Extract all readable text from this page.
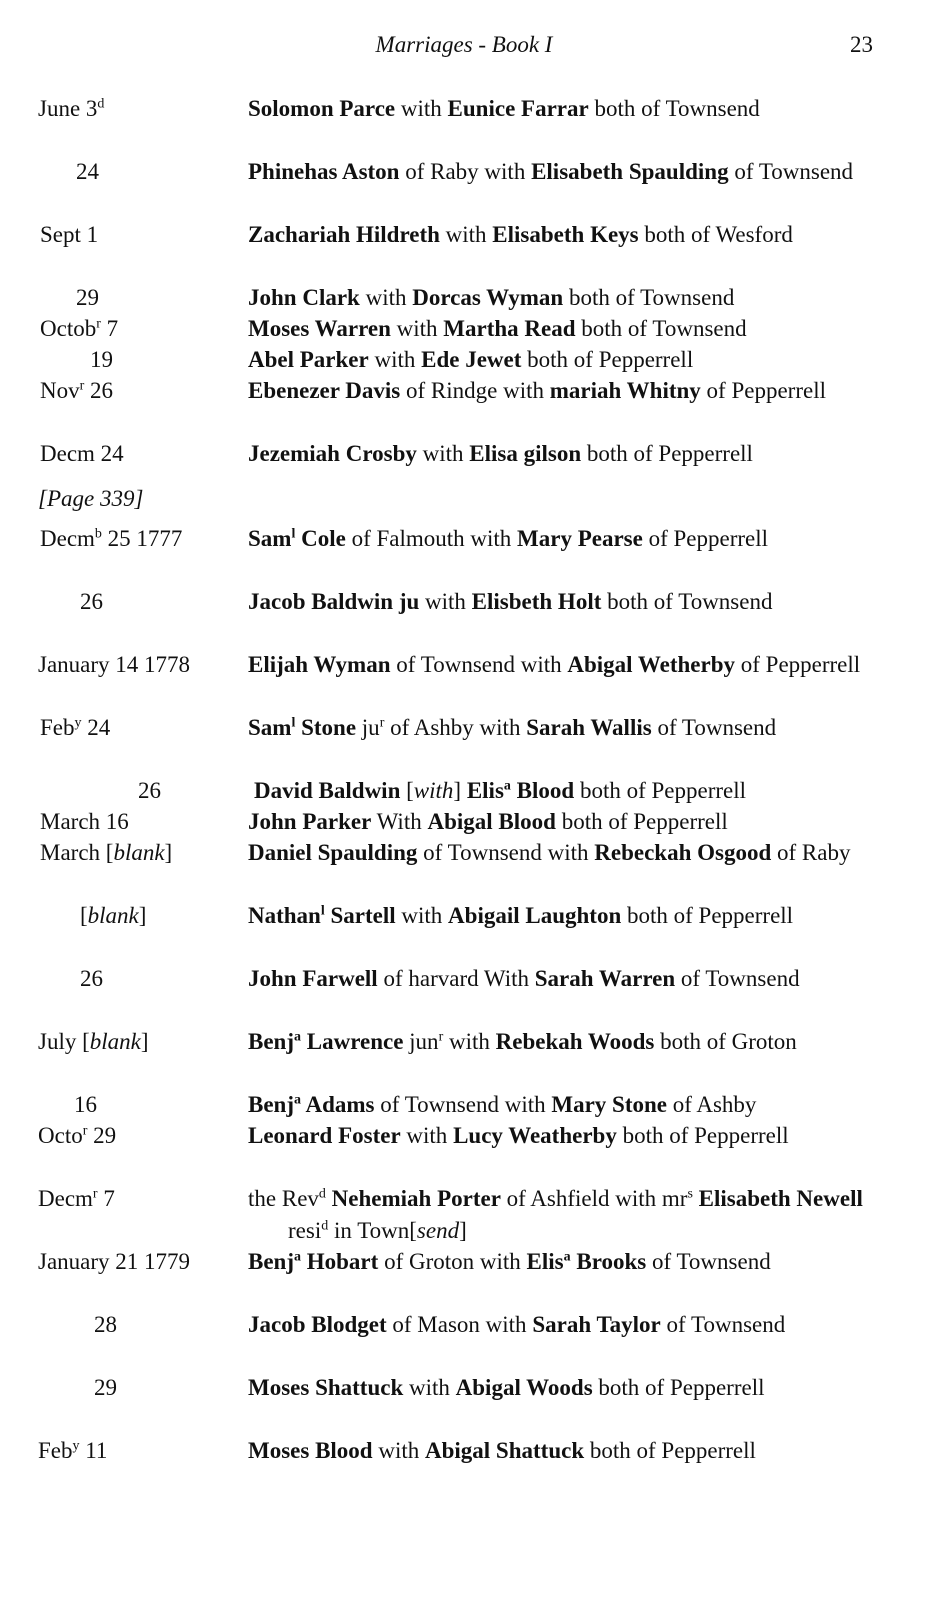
Marriages - Book I	23
June 3$^d$	Solomon Parce with Eunice Farrar both of Townsend
24	Phinehas Aston of Raby with Elisabeth Spaulding of Townsend
Sept 1	Zachariah Hildreth with Elisabeth Keys both of Wesford
29	John Clark with Dorcas Wyman both of Townsend
Octob$^r$ 7	Moses Warren with Martha Read both of Townsend
19	Abel Parker with Ede Jewet both of Pepperrell
Nov$^r$ 26	Ebenezer Davis of Rindge with mariah Whitny of Pepperrell
Decm 24	Jezemiah Crosby with Elisa gilson both of Pepperrell
[Page 339]
Decm$^b$ 25 1777	Sam$^l$ Cole of Falmouth with Mary Pearse of Pepperrell
26	Jacob Baldwin ju with Elisbeth Holt both of Townsend
January 14 1778	Elijah Wyman of Townsend with Abigal Wetherby of Pepperrell
Feb$^y$ 24	Sam$^l$ Stone $ju^r$ of Ashby with Sarah Wallis of Townsend
26	David Baldwin [with] Elis$^a$ Blood both of Pepperrell
March 16	John Parker With Abigal Blood both of Pepperrell
March [blank]	Daniel Spaulding of Townsend with Rebeckah Osgood of Raby
[blank]	Nathan$^l$ Sartell with Abigail Laughton both of Pepperrell
26	John Farwell of harvard With Sarah Warren of Townsend
July [blank]	Benj$^a$ Lawrence jun$^r$ with Rebekah Woods both of Groton
16	Benj$^a$ Adams of Townsend with Mary Stone of Ashby
Octo$^r$ 29	Leonard Foster with Lucy Weatherby both of Pepperrell
Decm$^r$ 7	the Rev$^d$ Nehemiah Porter of Ashfield with $mr^s$ Elisabeth Newell resi$^d$ in Town[send]
January 21 1779	Benj$^a$ Hobart of Groton with Elis$^a$ Brooks of Townsend
28	Jacob Blodget of Mason with Sarah Taylor of Townsend
29	Moses Shattuck with Abigal Woods both of Pepperrell
Feb$^y$ 11	Moses Blood with Abigal Shattuck both of Pepperrell
